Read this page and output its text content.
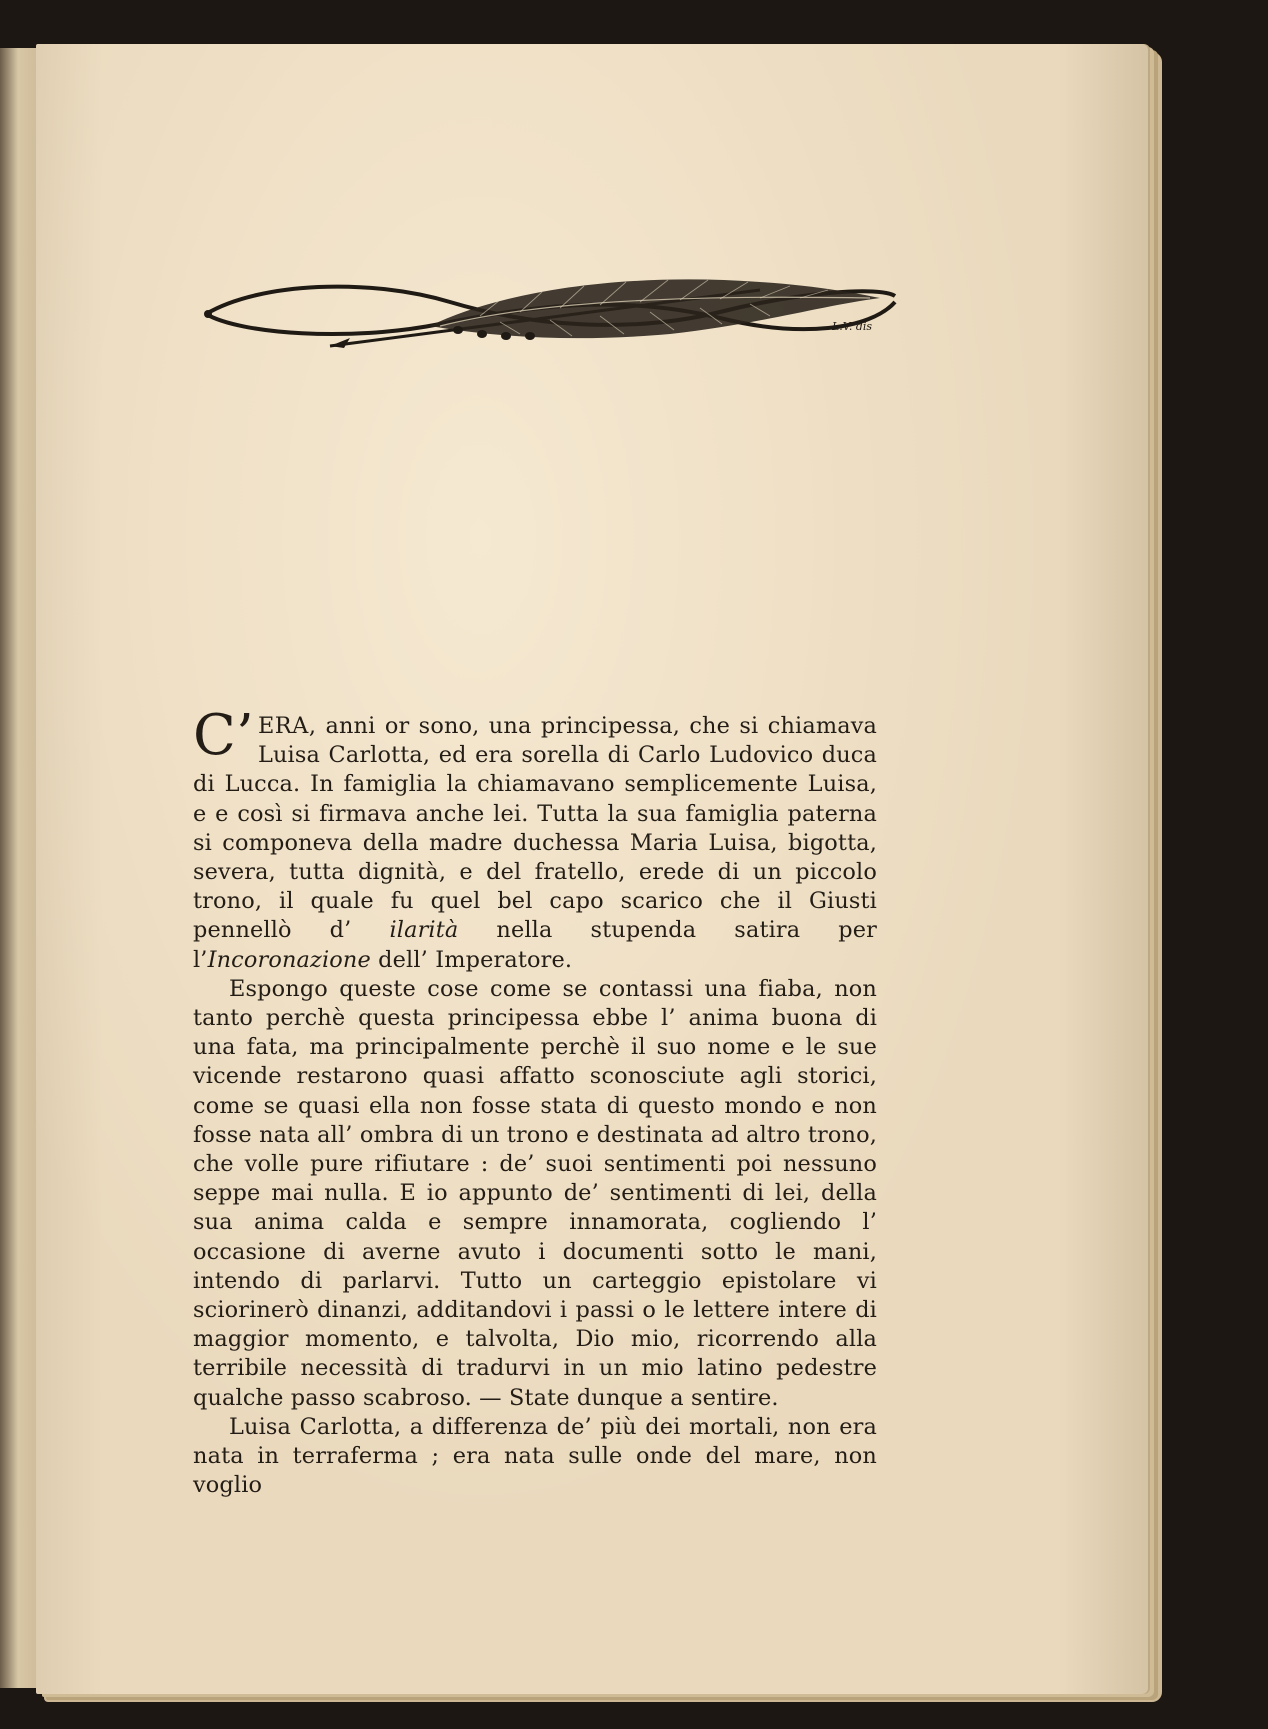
L.V. dis

C’ ERA, anni or sono, una principessa, che si chiamava Luisa Carlotta, ed era sorella di Carlo Ludovico duca di Lucca. In famiglia la chiamavano semplicemente Luisa, e e così si firmava anche lei. Tutta la sua famiglia paterna si componeva della madre duchessa Maria Luisa, bigotta, severa, tutta dignità, e del fratello, erede di un piccolo trono, il quale fu quel bel capo scarico che il Giusti pennellò d’ ilarità nella stupenda satira per l’Incoronazione dell’ Imperatore.

Espongo queste cose come se contassi una fiaba, non tanto perchè questa principessa ebbe l’ anima buona di una fata, ma principalmente perchè il suo nome e le sue vicende restarono quasi affatto sconosciute agli storici, come se quasi ella non fosse stata di questo mondo e non fosse nata all’ ombra di un trono e destinata ad altro trono, che volle pure rifiutare : de’ suoi sentimenti poi nessuno seppe mai nulla. E io appunto de’ sentimenti di lei, della sua anima calda e sempre innamorata, cogliendo l’ occasione di averne avuto i documenti sotto le mani, intendo di parlarvi. Tutto un carteggio epistolare vi sciorinerò dinanzi, additandovi i passi o le lettere intere di maggior momento, e talvolta, Dio mio, ricorrendo alla terribile necessità di tradurvi in un mio latino pedestre qualche passo scabroso. — State dunque a sentire.

Luisa Carlotta, a differenza de’ più dei mortali, non era nata in terraferma ; era nata sulle onde del mare, non voglio
